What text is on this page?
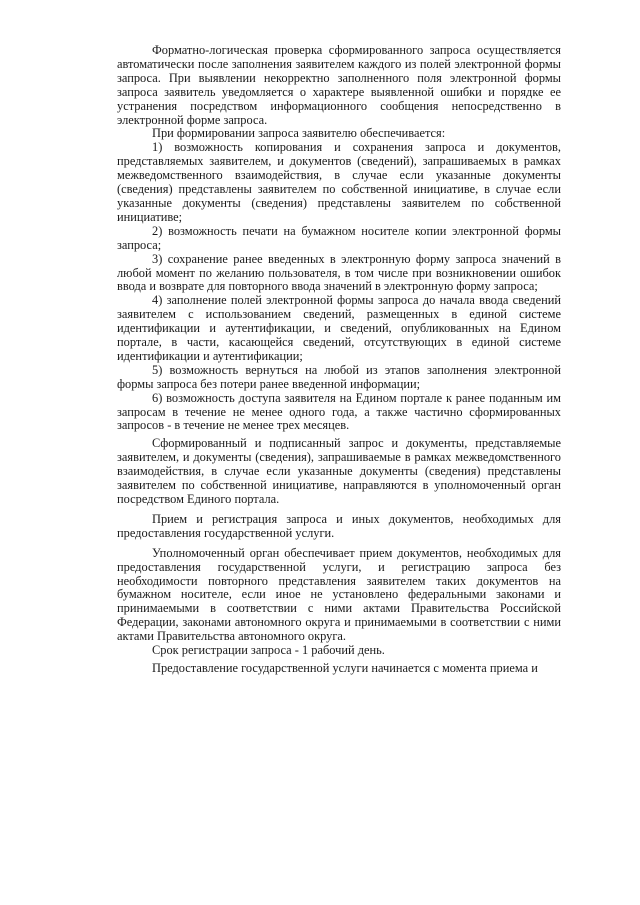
Форматно-логическая проверка сформированного запроса осуществляется автоматически после заполнения заявителем каждого из полей электронной формы запроса. При выявлении некорректно заполненного поля электронной формы запроса заявитель уведомляется о характере выявленной ошибки и порядке ее устранения посредством информационного сообщения непосредственно в электронной форме запроса.

При формировании запроса заявителю обеспечивается:

1) возможность копирования и сохранения запроса и документов, представляемых заявителем, и документов (сведений), запрашиваемых в рамках межведомственного взаимодействия, в случае если указанные документы (сведения) представлены заявителем по собственной инициативе, в случае если указанные документы (сведения) представлены заявителем по собственной инициативе;

2) возможность печати на бумажном носителе копии электронной формы запроса;

3) сохранение ранее введенных в электронную форму запроса значений в любой момент по желанию пользователя, в том числе при возникновении ошибок ввода и возврате для повторного ввода значений в электронную форму запроса;

4) заполнение полей электронной формы запроса до начала ввода сведений заявителем с использованием сведений, размещенных в единой системе идентификации и аутентификации, и сведений, опубликованных на Едином портале, в части, касающейся сведений, отсутствующих в единой системе идентификации и аутентификации;

5) возможность вернуться на любой из этапов заполнения электронной формы запроса без потери ранее введенной информации;

6) возможность доступа заявителя на Едином портале к ранее поданным им запросам в течение не менее одного года, а также частично сформированных запросов - в течение не менее трех месяцев.

Сформированный и подписанный запрос и документы, представляемые заявителем, и документы (сведения), запрашиваемые в рамках межведомственного взаимодействия, в случае если указанные документы (сведения) представлены заявителем по собственной инициативе, направляются в уполномоченный орган посредством Единого портала.

Прием и регистрация запроса и иных документов, необходимых для предоставления государственной услуги.

Уполномоченный орган обеспечивает прием документов, необходимых для предоставления государственной услуги, и регистрацию запроса без необходимости повторного представления заявителем таких документов на бумажном носителе, если иное не установлено федеральными законами и принимаемыми в соответствии с ними актами Правительства Российской Федерации, законами автономного округа и принимаемыми в соответствии с ними актами Правительства автономного округа.

Срок регистрации запроса - 1 рабочий день.

Предоставление государственной услуги начинается с момента приема и
